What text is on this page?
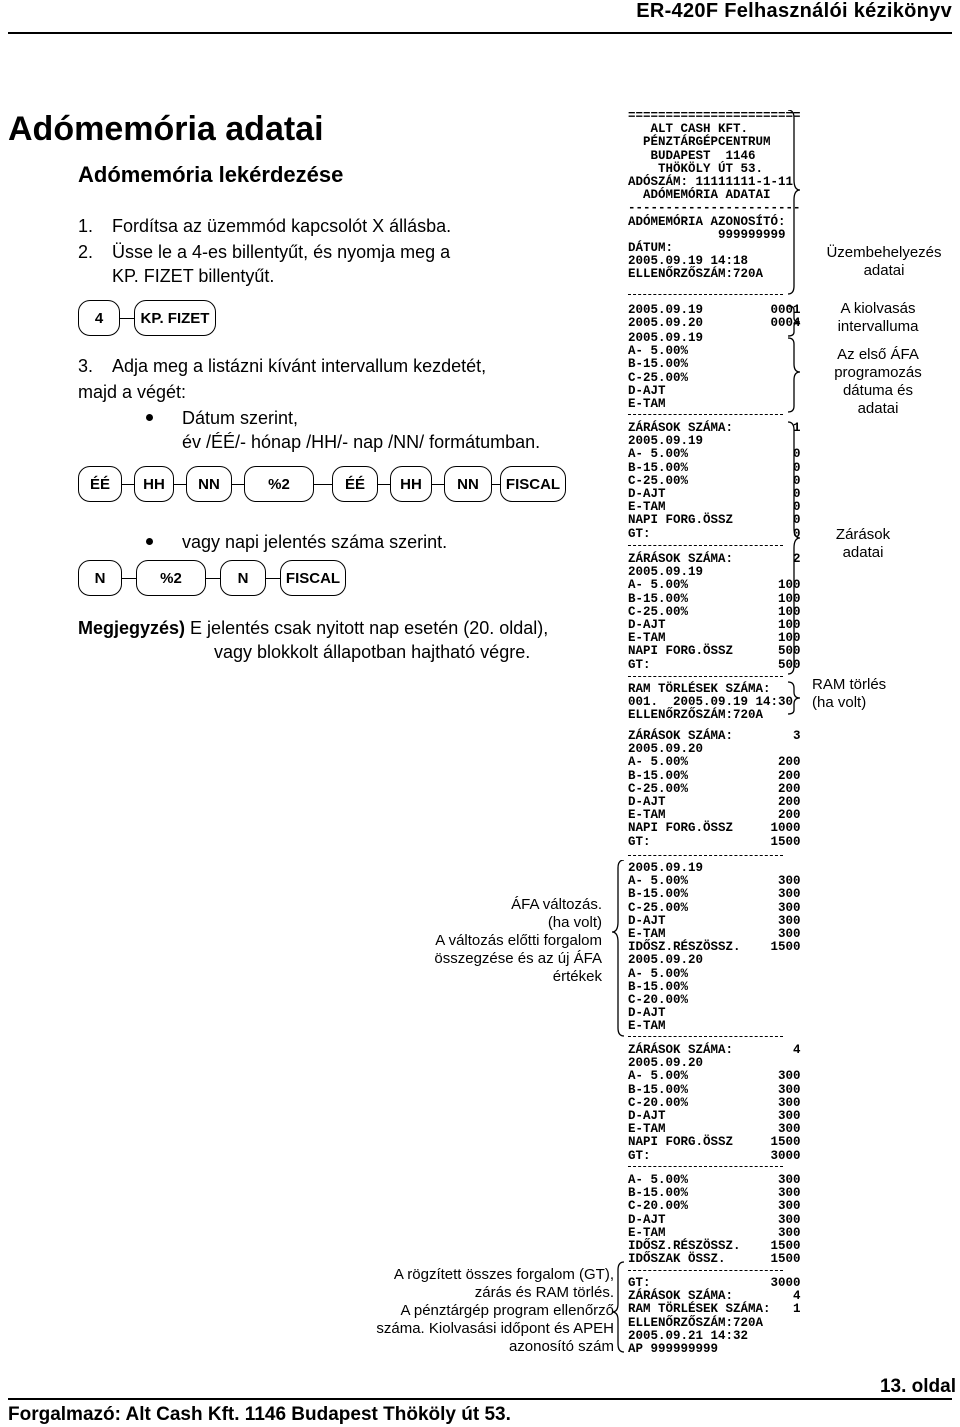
ER-420F Felhasználói kézikönyv
Adómemória adatai
Adómemória lekérdezése
1. Fordítsa az üzemmód kapcsolót X állásba.
2. Üsse le a 4-es billentyűt, és nyomja meg a
KP. FIZET billentyűt.
4	KP. FIZET
3. Adja meg a listázni kívánt intervallum kezdetét,
majd a végét:
Dátum szerint,
év /ÉÉ/- hónap /HH/- nap /NN/ formátumban.
ÉÉ	HH	NN	%2	ÉÉ	HH	NN	FISCAL
vagy napi jelentés száma szerint.
N	%2	N	FISCAL
Megjegyzés) E jelentés csak nyitott nap esetén (20. oldal),
vagy blokkolt állapotban hajtható végre.
=======================
ALT CASH KFT.
PÉNZTÁRGÉPCENTRUM
BUDAPEST  1146
THÖKÖLY ÚT 53.
ADÓSZÁM: 11111111-1-11
ADÓMEMÓRIA ADATAI
-----------------------
ADÓMEMÓRIA AZONOSÍTÓ:
999999999
DÁTUM:
2005.09.19 14:18
ELLENŐRZŐSZÁM:720A
2005.09.19         0001
2005.09.20         0004
2005.09.19
A- 5.00%
B-15.00%
C-25.00%
D-AJT
E-TAM
ZÁRÁSOK SZÁMA:        1
2005.09.19
A- 5.00%              0
B-15.00%              0
C-25.00%              0
D-AJT                 0
E-TAM                 0
NAPI FORG.ÖSSZ        0
GT:                   0
ZÁRÁSOK SZÁMA:        2
2005.09.19
A- 5.00%            100
B-15.00%            100
C-25.00%            100
D-AJT               100
E-TAM               100
NAPI FORG.ÖSSZ      500
GT:                 500
RAM TÖRLÉSEK SZÁMA:
001.  2005.09.19 14:30
ELLENŐRZŐSZÁM:720A
ZÁRÁSOK SZÁMA:        3
2005.09.20
A- 5.00%            200
B-15.00%            200
C-25.00%            200
D-AJT               200
E-TAM               200
NAPI FORG.ÖSSZ     1000
GT:                1500
2005.09.19
A- 5.00%            300
B-15.00%            300
C-25.00%            300
D-AJT               300
E-TAM               300
IDŐSZ.RÉSZÖSSZ.    1500
2005.09.20
A- 5.00%
B-15.00%
C-20.00%
D-AJT
E-TAM
ZÁRÁSOK SZÁMA:        4
2005.09.20
A- 5.00%            300
B-15.00%            300
C-20.00%            300
D-AJT               300
E-TAM               300
NAPI FORG.ÖSSZ     1500
GT:                3000
A- 5.00%            300
B-15.00%            300
C-20.00%            300
D-AJT               300
E-TAM               300
IDŐSZ.RÉSZÖSSZ.    1500
IDŐSZAK ÖSSZ.      1500
GT:                3000
ZÁRÁSOK SZÁMA:        4
RAM TÖRLÉSEK SZÁMA:   1
ELLENŐRZŐSZÁM:720A
2005.09.21 14:32
AP 999999999
Üzembehelyezés
adatai
A kiolvasás
intervalluma
Az első ÁFA
programozás
dátuma és
adatai
Zárások
adatai
RAM törlés
(ha volt)
ÁFA változás.
(ha volt)
A változás előtti forgalom
összegzése és az új ÁFA
értékek
A rögzített összes forgalom (GT),
zárás és RAM törlés.
A pénztárgép program ellenőrző
száma. Kiolvasási időpont és APEH
azonosító szám
13. oldal
Forgalmazó: Alt Cash Kft. 1146 Budapest Thököly út 53.
